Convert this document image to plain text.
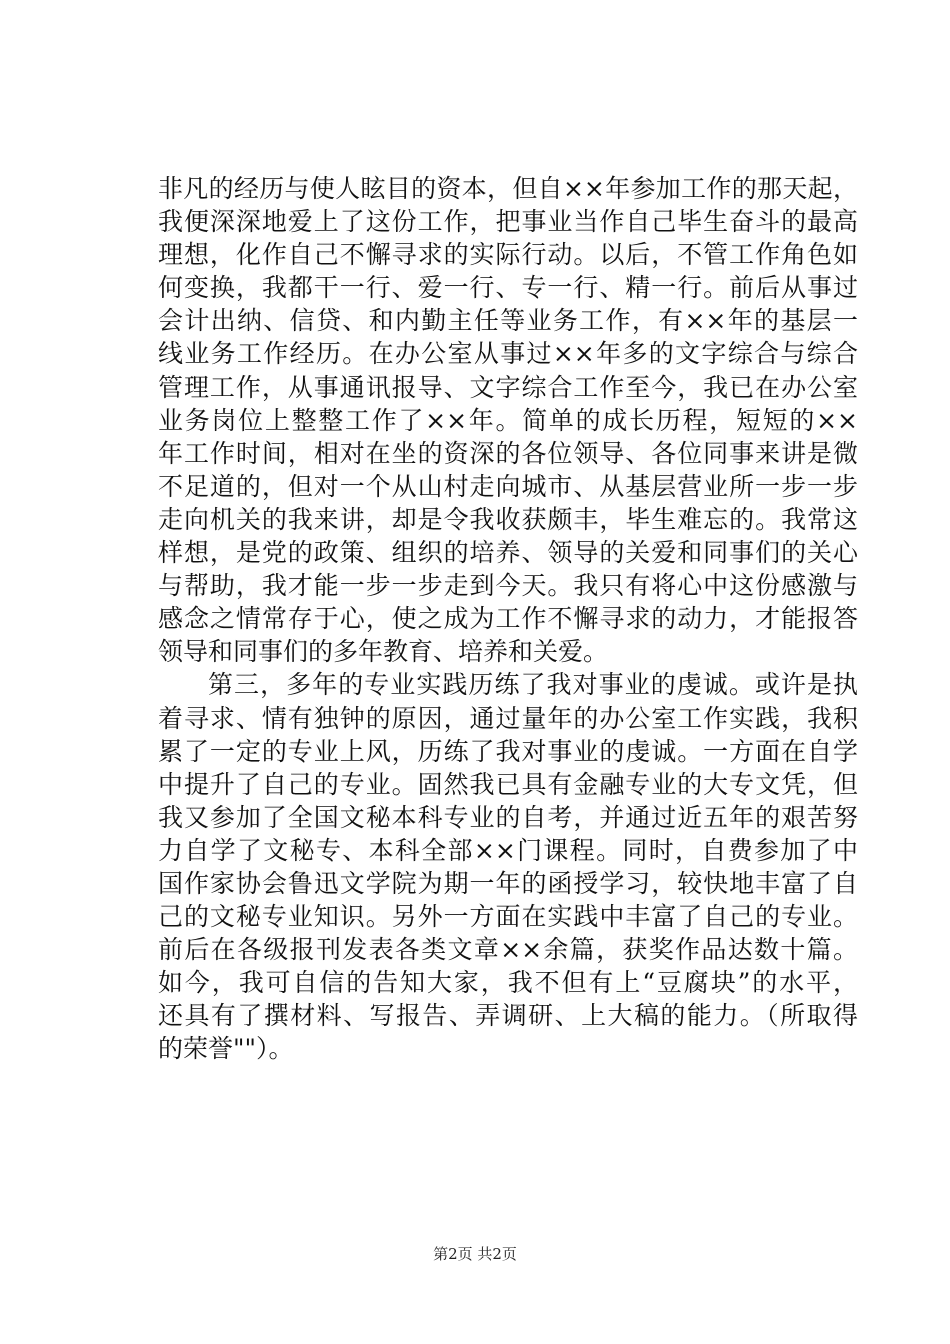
非凡的经历与使人眩目的资本，但自××年参加工作的那天起，
我便深深地爱上了这份工作，把事业当作自己毕生奋斗的最高
理想，化作自己不懈寻求的实际行动。以后，不管工作角色如
何变换，我都干一行、爱一行、专一行、精一行。前后从事过
会计出纳、信贷、和内勤主任等业务工作，有××年的基层一
线业务工作经历。在办公室从事过××年多的文字综合与综合
管理工作，从事通讯报导、文字综合工作至今，我已在办公室
业务岗位上整整工作了××年。简单的成长历程，短短的××
年工作时间，相对在坐的资深的各位领导、各位同事来讲是微
不足道的，但对一个从山村走向城市、从基层营业所一步一步
走向机关的我来讲，却是令我收获颇丰，毕生难忘的。我常这
样想，是党的政策、组织的培养、领导的关爱和同事们的关心
与帮助，我才能一步一步走到今天。我只有将心中这份感激与
感念之情常存于心，使之成为工作不懈寻求的动力，才能报答
领导和同事们的多年教育、培养和关爱。
第三，多年的专业实践历练了我对事业的虔诚。或许是执
着寻求、情有独钟的原因，通过量年的办公室工作实践，我积
累了一定的专业上风，历练了我对事业的虔诚。一方面在自学
中提升了自己的专业。固然我已具有金融专业的大专文凭，但
我又参加了全国文秘本科专业的自考，并通过近五年的艰苦努
力自学了文秘专、本科全部××门课程。同时，自费参加了中
国作家协会鲁迅文学院为期一年的函授学习，较快地丰富了自
己的文秘专业知识。另外一方面在实践中丰富了自己的专业。
前后在各级报刊发表各类文章××余篇，获奖作品达数十篇。
如今，我可自信的告知大家，我不但有上“豆腐块”的水平，
还具有了撰材料、写报告、弄调研、上大稿的能力。（所取得
的荣誉""）。
第2页 共2页
